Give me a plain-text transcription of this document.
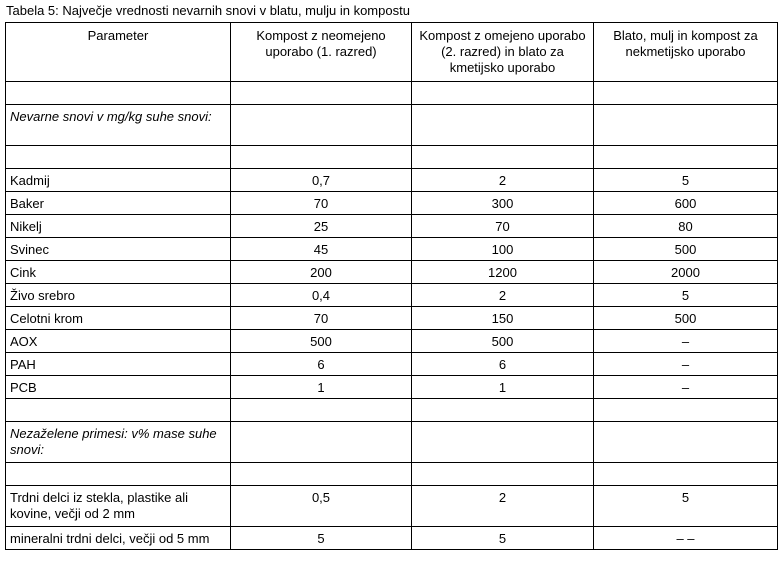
Tabela 5: Največje vrednosti nevarnih snovi v blatu, mulju in kompostu
Parameter	Kompost z neomejeno uporabo (1. razred)	Kompost z omejeno uporabo (2. razred) in blato za kmetijsko uporabo	Blato, mulj in kompost za nekmetijsko uporabo

Nevarne snovi v mg/kg suhe snovi:			

Kadmij	0,7	2	5
Baker	70	300	600
Nikelj	25	70	80
Svinec	45	100	500
Cink	200	1200	2000
Živo srebro	0,4	2	5
Celotni krom	70	150	500
AOX	500	500	–
PAH	6	6	–
PCB	1	1	–

Nezaželene primesi: v% mase suhe snovi:			

Trdni delci iz stekla, plastike ali kovine, večji od 2 mm	0,5	2	5
mineralni trdni delci, večji od 5 mm	5	5	– –
